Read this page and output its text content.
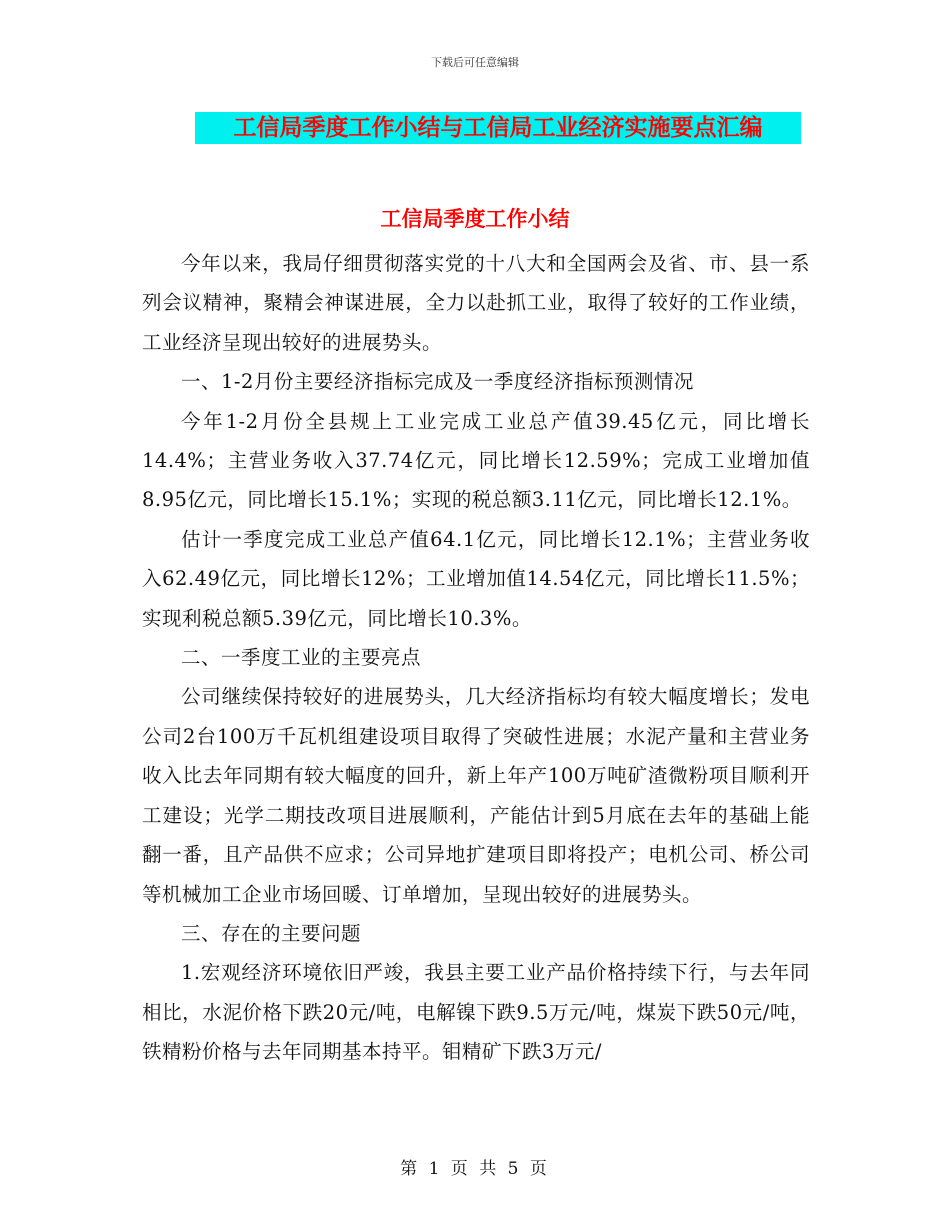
下载后可任意编辑
工信局季度工作小结与工信局工业经济实施要点汇编
工信局季度工作小结

今年以来，我局仔细贯彻落实党的十八大和全国两会及省、市、县一系列会议精神，聚精会神谋进展，全力以赴抓工业，取得了较好的工作业绩，工业经济呈现出较好的进展势头。

一、1-2月份主要经济指标完成及一季度经济指标预测情况

今年1-2月份全县规上工业完成工业总产值39.45亿元，同比增长14.4%；主营业务收入37.74亿元，同比增长12.59%；完成工业增加值8.95亿元，同比增长15.1%；实现的税总额3.11亿元，同比增长12.1%。

估计一季度完成工业总产值64.1亿元，同比增长12.1%；主营业务收入62.49亿元，同比增长12%；工业增加值14.54亿元，同比增长11.5%；实现利税总额5.39亿元，同比增长10.3%。

二、一季度工业的主要亮点

公司继续保持较好的进展势头，几大经济指标均有较大幅度增长；发电公司2台100万千瓦机组建设项目取得了突破性进展；水泥产量和主营业务收入比去年同期有较大幅度的回升，新上年产100万吨矿渣微粉项目顺利开工建设；光学二期技改项目进展顺利，产能估计到5月底在去年的基础上能翻一番，且产品供不应求；公司异地扩建项目即将投产；电机公司、桥公司等机械加工企业市场回暖、订单增加，呈现出较好的进展势头。

三、存在的主要问题

1.宏观经济环境依旧严竣，我县主要工业产品价格持续下行，与去年同相比，水泥价格下跌20元/吨，电解镍下跌9.5万元/吨，煤炭下跌50元/吨，铁精粉价格与去年同期基本持平。钼精矿下跌3万元/

第 1 页 共 5 页
